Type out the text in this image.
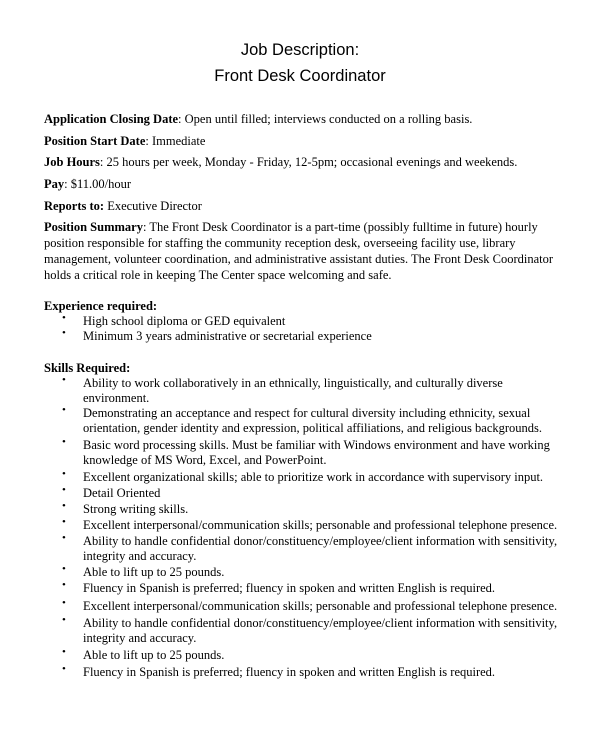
Job Description:
Front Desk Coordinator
Application Closing Date: Open until filled; interviews conducted on a rolling basis.
Position Start Date: Immediate
Job Hours: 25 hours per week, Monday - Friday, 12-5pm; occasional evenings and weekends.
Pay: $11.00/hour
Reports to: Executive Director

Position Summary: The Front Desk Coordinator is a part-time (possibly fulltime in future) hourly position responsible for staffing the community reception desk, overseeing facility use, library management, volunteer coordination, and administrative assistant duties. The Front Desk Coordinator holds a critical role in keeping The Center space welcoming and safe.

Experience required:
• High school diploma or GED equivalent
• Minimum 3 years administrative or secretarial experience
Skills Required:
• Ability to work collaboratively in an ethnically, linguistically, and culturally diverse environment.
• Demonstrating an acceptance and respect for cultural diversity including ethnicity, sexual orientation, gender identity and expression, political affiliations, and religious backgrounds.
• Basic word processing skills. Must be familiar with Windows environment and have working knowledge of MS Word, Excel, and PowerPoint.
• Excellent organizational skills; able to prioritize work in accordance with supervisory input.
• Detail Oriented
• Strong writing skills.
• Excellent interpersonal/communication skills; personable and professional telephone presence.
• Ability to handle confidential donor/constituency/employee/client information with sensitivity, integrity and accuracy.
• Able to lift up to 25 pounds.
• Fluency in Spanish is preferred; fluency in spoken and written English is required.
• Excellent interpersonal/communication skills; personable and professional telephone presence.
• Ability to handle confidential donor/constituency/employee/client information with sensitivity, integrity and accuracy.
• Able to lift up to 25 pounds.
• Fluency in Spanish is preferred; fluency in spoken and written English is required.
